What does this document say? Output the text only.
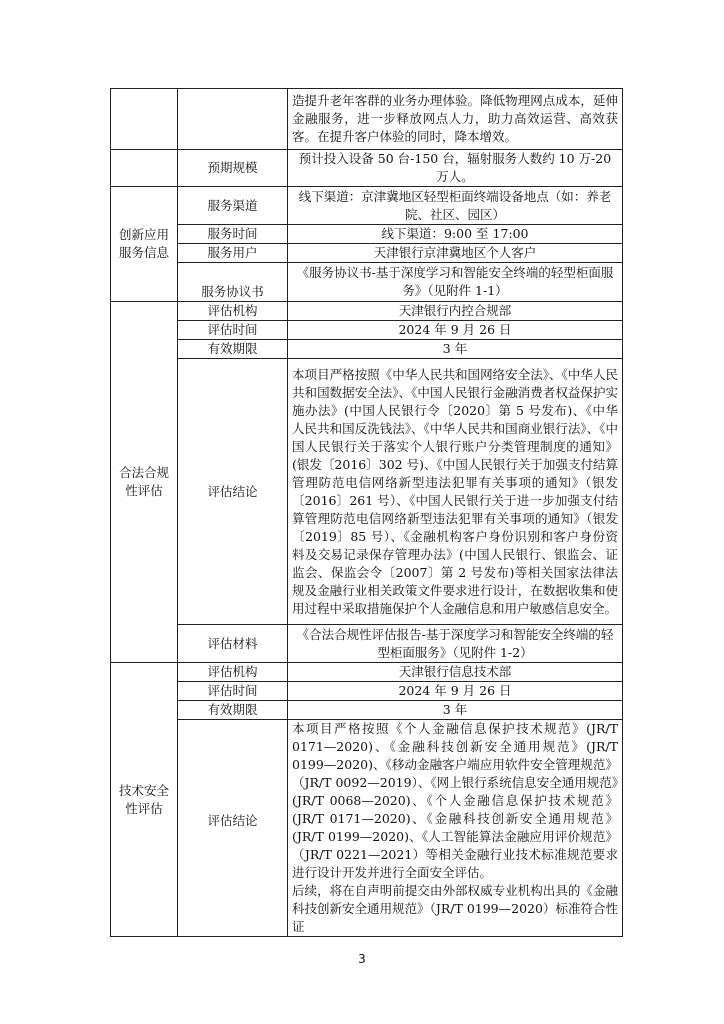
		造提升老年客群的业务办理体验。降低物理网点成本，延伸金融服务，进一步释放网点人力，助力高效运营、高效获客。在提升客户体验的同时，降本增效。
	预期规模	预计投入设备 50 台-150 台，辐射服务人数约 10 万-20 万人。
创新应用服务信息	服务渠道	线下渠道：京津冀地区轻型柜面终端设备地点（如：养老院、社区、园区）
	服务时间	线下渠道：9:00 至 17:00
	服务用户	天津银行京津冀地区个人客户
	服务协议书	《服务协议书-基于深度学习和智能安全终端的轻型柜面服务》（见附件 1-1）
合法合规性评估	评估机构	天津银行内控合规部
	评估时间	2024 年 9 月 26 日
	有效期限	3 年
	评估结论	本项目严格按照《中华人民共和国网络安全法》、《中华人民共和国数据安全法》、《中国人民银行金融消费者权益保护实施办法》(中国人民银行令〔2020〕第 5 号发布)、《中华人民共和国反洗钱法》、《中华人民共和国商业银行法》、《中国人民银行关于落实个人银行账户分类管理制度的通知》(银发〔2016〕302 号)、《中国人民银行关于加强支付结算管理防范电信网络新型违法犯罪有关事项的通知》（银发〔2016〕261 号）、《中国人民银行关于进一步加强支付结算管理防范电信网络新型违法犯罪有关事项的通知》（银发〔2019〕85 号）、《金融机构客户身份识别和客户身份资料及交易记录保存管理办法》(中国人民银行、银监会、证监会、保监会令〔2007〕第 2 号发布)等相关国家法律法规及金融行业相关政策文件要求进行设计，在数据收集和使用过程中采取措施保护个人金融信息和用户敏感信息安全。
	评估材料	《合法合规性评估报告-基于深度学习和智能安全终端的轻型柜面服务》（见附件 1-2）
技术安全性评估	评估机构	天津银行信息技术部
	评估时间	2024 年 9 月 26 日
	有效期限	3 年
	评估结论	本项目严格按照《个人金融信息保护技术规范》(JR/T 0171—2020)、《金融科技创新安全通用规范》(JR/T 0199—2020)、《移动金融客户端应用软件安全管理规范》（JR/T 0092—2019）、《网上银行系统信息安全通用规范》(JR/T 0068—2020)、《个人金融信息保护技术规范》(JR/T 0171—2020)、《金融科技创新安全通用规范》(JR/T 0199—2020)、《人工智能算法金融应用评价规范》（JR/T 0221—2021）等相关金融行业技术标准规范要求进行设计开发并进行全面安全评估。

后续，将在自声明前提交由外部权威专业机构出具的《金融科技创新安全通用规范》（JR/T 0199—2020）标准符合性证

3
